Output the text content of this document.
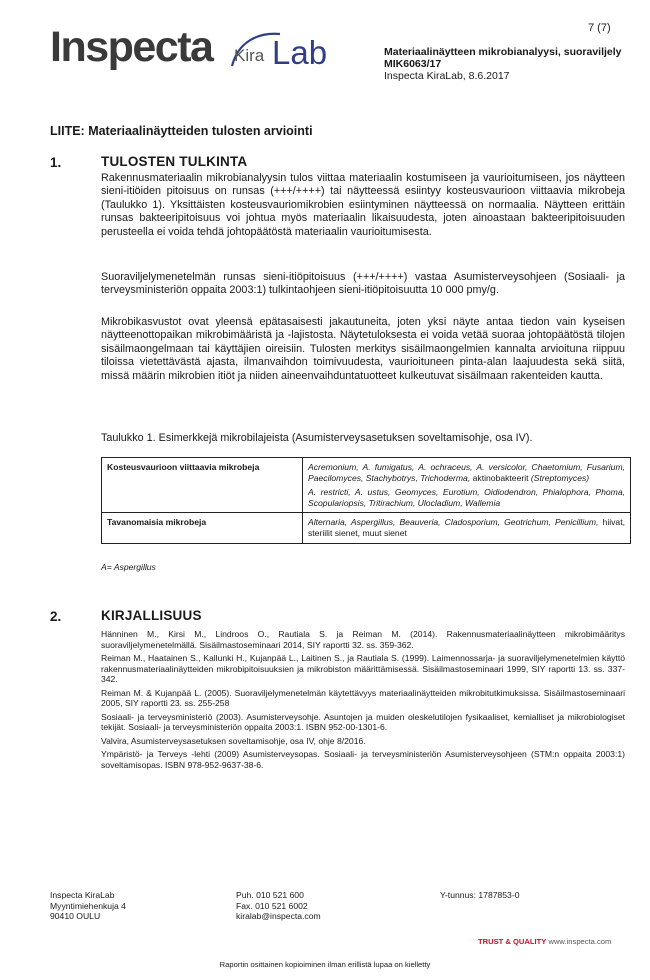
7 (7)
Inspecta Kira Lab	Materiaalinäytteen mikrobianalyysi, suoraviljely
MIK6063/17
Inspecta KiraLab, 8.6.2017
LIITE: Materiaalinäytteiden tulosten arviointi
1.	TULOSTEN TULKINTA

Rakennusmateriaalin mikrobianalyysin tulos viittaa materiaalin kostumiseen ja vaurioitumiseen, jos näytteen sieni-itiöiden pitoisuus on runsas (+++/++++) tai näytteessä esiintyy kosteusvaurioon viittaavia mikrobeja (Taulukko 1). Yksittäisten kosteusvauriomikrobien esiintyminen näytteessä on normaalia. Näytteen erittäin runsas bakteeripitoisuus voi johtua myös materiaalin likaisuudesta, joten ainoastaan bakteeripitoisuuden perusteella ei voida tehdä johtopäätöstä materiaalin vaurioitumisesta.

Suoraviljelymenetelmän runsas sieni-itiöpitoisuus (+++/++++) vastaa Asumisterveysohjeen (Sosiaali- ja terveysministeriön oppaita 2003:1) tulkintaohjeen sieni-itiöpitoisuutta 10 000 pmy/g.

Mikrobikasvustot ovat yleensä epätasaisesti jakautuneita, joten yksi näyte antaa tiedon vain kyseisen näytteenottopaikan mikrobimääristä ja -lajistosta. Näytetuloksesta ei voida vetää suoraa johtopäätöstä tilojen sisäilmaongelmaan tai käyttäjien oireisiin. Tulosten merkitys sisäilmaongelmien kannalta arvioituna riippuu tiloissa vietettävästä ajasta, ilmanvaihdon toimivuudesta, vaurioituneen pinta-alan laajuudesta sekä siitä, missä määrin mikrobien itiöt ja niiden aineenvaihduntatuotteet kulkeutuvat sisäilmaan rakenteiden kautta.

Taulukko 1. Esimerkkejä mikrobilajeista (Asumisterveysasetuksen soveltamisohje, osa IV).
Kosteusvaurioon viittaavia mikrobeja	Acremonium, A. fumigatus, A. ochraceus, A. versicolor, Chaetomium, Fusarium, Paecilomyces, Stachybotrys, Trichoderma, aktinobakteerit (Streptomyces)

A. restricti, A. ustus, Geomyces, Eurotium, Oidiodendron, Phialophora, Phoma, Scopulariopsis, Tritirachium, Ulocladium, Wallemia

Tavanomaisia mikrobeja	Alternaria, Aspergillus, Beauveria, Cladosporium, Geotrichum, Penicillium, hiivat, steriilit sienet, muut sienet

A= Aspergillus
2.	KIRJALLISUUS

Hänninen M., Kirsi M., Lindroos O., Rautiala S. ja Reiman M. (2014). Rakennusmateriaalinäytteen mikrobimääritys suoraviljelymenetelmällä. Sisäilmastoseminaari 2014, SIY raportti 32. ss. 359-362.

Reiman M., Haatainen S., Kallunki H., Kujanpää L., Laitinen S., ja Rautiala S. (1999). Laimennossarja- ja suoraviljelymenetelmien käyttö rakennusmateriaalinäytteiden mikrobipitoisuuksien ja mikrobiston määrittämisessä. Sisäilmastoseminaari 1999, SIY raportti 13. ss. 337-342.

Reiman M. & Kujanpää L. (2005). Suoraviljelymenetelmän käytettävyys materiaalinäytteiden mikrobitutkimuksissa. Sisäilmastoseminaari 2005, SIY raportti 23. ss. 255-258

Sosiaali- ja terveysministeriö (2003). Asumisterveysohje. Asuntojen ja muiden oleskelutilojen fysikaaliset, kemialliset ja mikrobiologiset tekijät. Sosiaali- ja terveysministeriön oppaita 2003:1. ISBN 952-00-1301-6.

Valvira, Asumisterveysasetuksen soveltamisohje, osa IV, ohje 8/2016.

Ympäristö- ja Terveys -lehti (2009) Asumisterveysopas. Sosiaali- ja terveysministeriön Asumisterveysohjeen (STM:n oppaita 2003:1) soveltamisopas. ISBN 978-952-9637-38-6.

Inspecta KiraLab
Myyntimiehenkuja 4
90410 OULU
Puh. 010 521 600
Fax. 010 521 6002
kiralab@inspecta.com
Y-tunnus: 1787853-0
TRUST & QUALITY www.inspecta.com
Raportin osittainen kopioiminen ilman erillistä lupaa on kielletty
